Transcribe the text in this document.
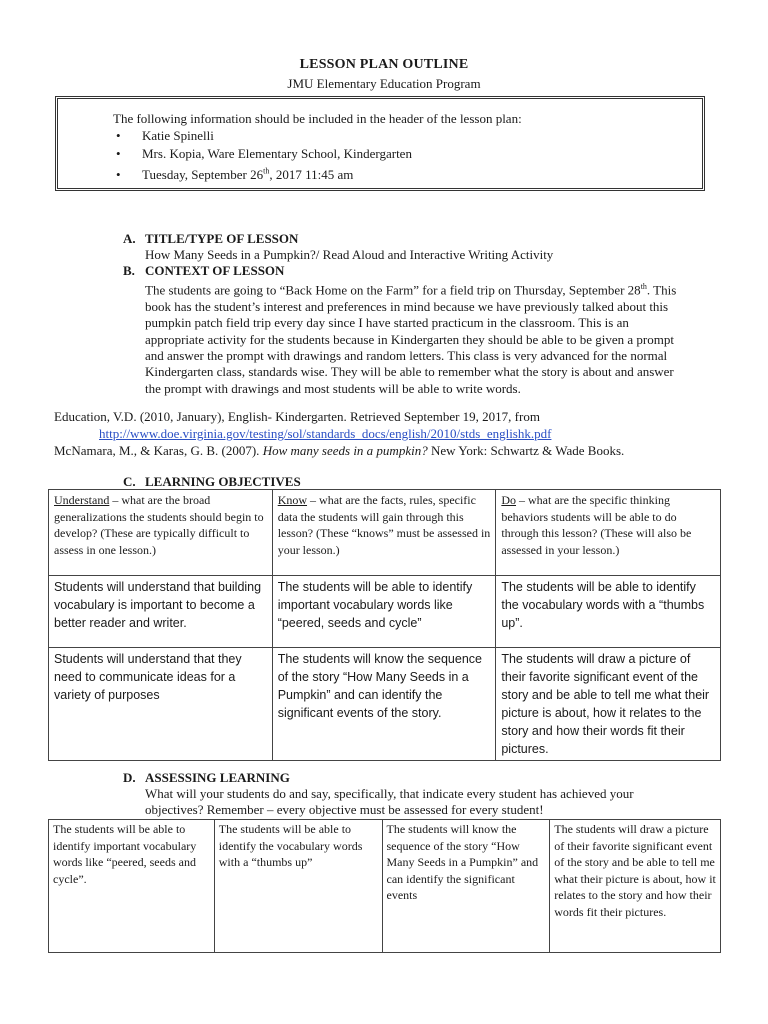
LESSON PLAN OUTLINE
JMU Elementary Education Program
The following information should be included in the header of the lesson plan:
• Katie Spinelli
• Mrs. Kopia, Ware Elementary School, Kindergarten
• Tuesday, September 26th, 2017 11:45 am
A. TITLE/TYPE OF LESSON
How Many Seeds in a Pumpkin?/ Read Aloud and Interactive Writing Activity
B. CONTEXT OF LESSON
The students are going to “Back Home on the Farm” for a field trip on Thursday, September 28th. This
book has the student’s interest and preferences in mind because we have previously talked about this
pumpkin patch field trip every day since I have started practicum in the classroom. This is an
appropriate activity for the students because in Kindergarten they should be able to be given a prompt
and answer the prompt with drawings and random letters. This class is very advanced for the normal
Kindergarten class, standards wise. They will be able to remember what the story is about and answer
the prompt with drawings and most students will be able to write words.
Education, V.D. (2010, January), English- Kindergarten. Retrieved September 19, 2017, from
http://www.doe.virginia.gov/testing/sol/standards_docs/english/2010/stds_englishk.pdf
McNamara, M., & Karas, G. B. (2007). How many seeds in a pumpkin? New York: Schwartz & Wade Books.
C. LEARNING OBJECTIVES
Understand – what are the broad generalizations the students should begin to develop? (These are typically difficult to assess in one lesson.)	Know – what are the facts, rules, specific data the students will gain through this lesson? (These “knows” must be assessed in your lesson.)	Do – what are the specific thinking behaviors students will be able to do through this lesson? (These will also be assessed in your lesson.)
Students will understand that building vocabulary is important to become a better reader and writer.	The students will be able to identify important vocabulary words like “peered, seeds and cycle”	The students will be able to identify the vocabulary words with a “thumbs up”.
Students will understand that they need to communicate ideas for a variety of purposes	The students will know the sequence of the story “How Many Seeds in a Pumpkin” and can identify the significant events of the story.	The students will draw a picture of their favorite significant event of the story and be able to tell me what their picture is about, how it relates to the story and how their words fit their pictures.
D. ASSESSING LEARNING
What will your students do and say, specifically, that indicate every student has achieved your
objectives? Remember – every objective must be assessed for every student!
The students will be able to identify important vocabulary words like “peered, seeds and cycle”.	The students will be able to identify the vocabulary words with a “thumbs up”	The students will know the sequence of the story “How Many Seeds in a Pumpkin” and can identify the significant events	The students will draw a picture of their favorite significant event of the story and be able to tell me what their picture is about, how it relates to the story and how their words fit their pictures.
